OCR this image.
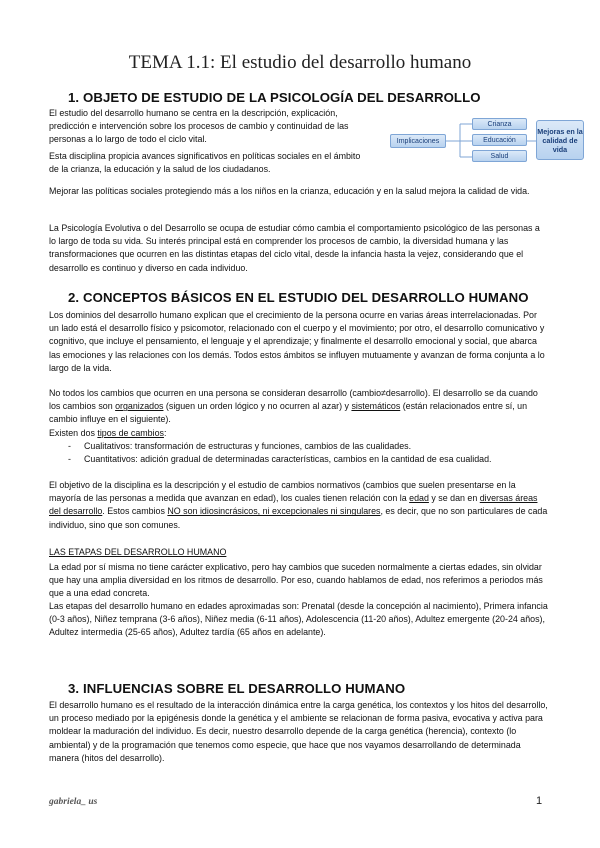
TEMA 1.1: El estudio del desarrollo humano
1. OBJETO DE ESTUDIO DE LA PSICOLOGÍA DEL DESARROLLO

El estudio del desarrollo humano se centra en la descripción, explicación, predicción e intervención sobre los procesos de cambio y continuidad de las personas a lo largo de todo el ciclo vital.

Esta disciplina propicia avances significativos en políticas sociales en el ámbito de la crianza, la educación y la salud de los ciudadanos.

Implicaciones
Crianza
Educación
Salud
Mejoras en la calidad de vida

Mejorar las políticas sociales protegiendo más a los niños en la crianza, educación y en la salud mejora la calidad de vida.

La Psicología Evolutiva o del Desarrollo se ocupa de estudiar cómo cambia el comportamiento psicológico de las personas a lo largo de toda su vida. Su interés principal está en comprender los procesos de cambio, la diversidad humana y las transformaciones que ocurren en las distintas etapas del ciclo vital, desde la infancia hasta la vejez, considerando que el desarrollo es continuo y diverso en cada individuo.

2. CONCEPTOS BÁSICOS EN EL ESTUDIO DEL DESARROLLO HUMANO

Los dominios del desarrollo humano explican que el crecimiento de la persona ocurre en varias áreas interrelacionadas. Por un lado está el desarrollo físico y psicomotor, relacionado con el cuerpo y el movimiento; por otro, el desarrollo comunicativo y cognitivo, que incluye el pensamiento, el lenguaje y el aprendizaje; y finalmente el desarrollo emocional y social, que abarca las emociones y las relaciones con los demás. Todos estos ámbitos se influyen mutuamente y avanzan de forma conjunta a lo largo de la vida.

No todos los cambios que ocurren en una persona se consideran desarrollo (cambio≠desarrollo). El desarrollo se da cuando los cambios son organizados (siguen un orden lógico y no ocurren al azar) y sistemáticos (están relacionados entre sí, un cambio influye en el siguiente).

Existen dos tipos de cambios:
- Cualitativos: transformación de estructuras y funciones, cambios de las cualidades.
- Cuantitativos: adición gradual de determinadas características, cambios en la cantidad de esa cualidad.

El objetivo de la disciplina es la descripción y el estudio de cambios normativos (cambios que suelen presentarse en la mayoría de las personas a medida que avanzan en edad), los cuales tienen relación con la edad y se dan en diversas áreas del desarrollo. Estos cambios NO son idiosincrásicos, ni excepcionales ni singulares, es decir, que no son particulares de cada individuo, sino que son comunes.

LAS ETAPAS DEL DESARROLLO HUMANO

La edad por sí misma no tiene carácter explicativo, pero hay cambios que suceden normalmente a ciertas edades, sin olvidar que hay una amplia diversidad en los ritmos de desarrollo. Por eso, cuando hablamos de edad, nos referimos a periodos más que a una edad concreta.

Las etapas del desarrollo humano en edades aproximadas son: Prenatal (desde la concepción al nacimiento), Primera infancia (0-3 años), Niñez temprana (3-6 años), Niñez media (6-11 años), Adolescencia (11-20 años), Adultez emergente (20-24 años), Adultez intermedia (25-65 años), Adultez tardía (65 años en adelante).

3. INFLUENCIAS SOBRE EL DESARROLLO HUMANO

El desarrollo humano es el resultado de la interacción dinámica entre la carga genética, los contextos y los hitos del desarrollo, un proceso mediado por la epigénesis donde la genética y el ambiente se relacionan de forma pasiva, evocativa y activa para moldear la maduración del individuo. Es decir, nuestro desarrollo depende de la carga genética (herencia), contexto (lo ambiental) y de la programación que tenemos como especie, que hace que nos vayamos desarrollando de determinada manera (hitos del desarrollo).

gabriela_ us	1
